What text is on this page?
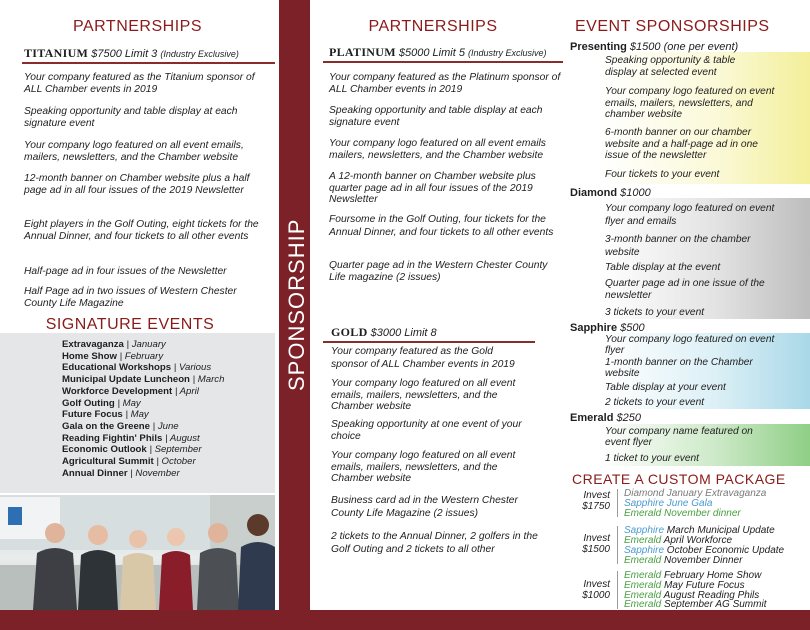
PARTNERSHIPS
TITANIUM $7500 Limit 3 (Industry Exclusive)

Your company featured as the Titanium sponsor of ALL Chamber events in 2019

Speaking opportunity and table display at each signature event

Your company logo featured on all event emails, mailers, newsletters, and the Chamber website

12-month banner on Chamber website plus a half page ad in all four issues of the 2019 Newsletter

Eight players in the Golf Outing, eight tickets for the Annual Dinner, and four tickets to all other events

Half-page ad in four issues of the Newsletter

Half Page ad in two issues of Western Chester County Life Magazine

SIGNATURE EVENTS
Extravaganza | January
Home Show | February
Educational Workshops | Various
Municipal Update Luncheon | March
Workforce Development | April
Golf Outing | May
Future Focus | May
Gala on the Greene | June
Reading Fightin' Phils | August
Economic Outlook | September
Agricultural Summit | October
Annual Dinner | November
SPONSORSHIP
PARTNERSHIPS
PLATINUM $5000 Limit 5 (Industry Exclusive)

Your company featured as the Platinum sponsor of ALL Chamber events in 2019

Speaking opportunity and table display at each signature event

Your company logo featured on all event emails mailers, newsletters, and the Chamber website

A 12-month banner on Chamber website plus quarter page ad in all four issues of the 2019 Newsletter

Foursome in the Golf Outing, four tickets for the Annual Dinner, and four tickets to all other events

Quarter page ad in the Western Chester County Life magazine (2 issues)

GOLD $3000 Limit 8

Your company featured as the Gold sponsor of ALL Chamber events in 2019

Your company logo featured on all event emails, mailers, newsletters, and the Chamber website

Speaking opportunity at one event of your choice

Your company logo featured on all event emails, mailers, newsletters, and the Chamber website

Business card ad in the Western Chester County Life Magazine (2 issues)

2 tickets to the Annual Dinner, 2 golfers in the Golf Outing and 2 tickets to all other

EVENT SPONSORSHIPS
Presenting $1500 (one per event)

Speaking opportunity & table display at selected event

Your company logo featured on event emails, mailers, newsletters, and chamber website

6-month banner on our chamber website and a half-page ad in one issue of the newsletter

Four tickets to your event

Diamond $1000

Your company logo featured on event flyer and emails

3-month banner on the chamber website

Table display at the event

Quarter page ad in one issue of the newsletter

3 tickets to your event

Sapphire $500

Your company logo featured on event flyer

1-month banner on the Chamber website

Table display at your event

2 tickets to your event

Emerald $250

Your company name featured on event flyer

1 ticket to your event

CREATE A CUSTOM PACKAGE
Invest
$1750
Diamond January Extravaganza
Sapphire June Gala
Emerald November dinner
Invest
$1500
Sapphire March Municipal Update
Emerald April Workforce
Sapphire October Economic Update
Emerald November Dinner
Invest
$1000
Emerald February Home Show
Emerald May Future Focus
Emerald August Reading Phils
Emerald September AG Summit
